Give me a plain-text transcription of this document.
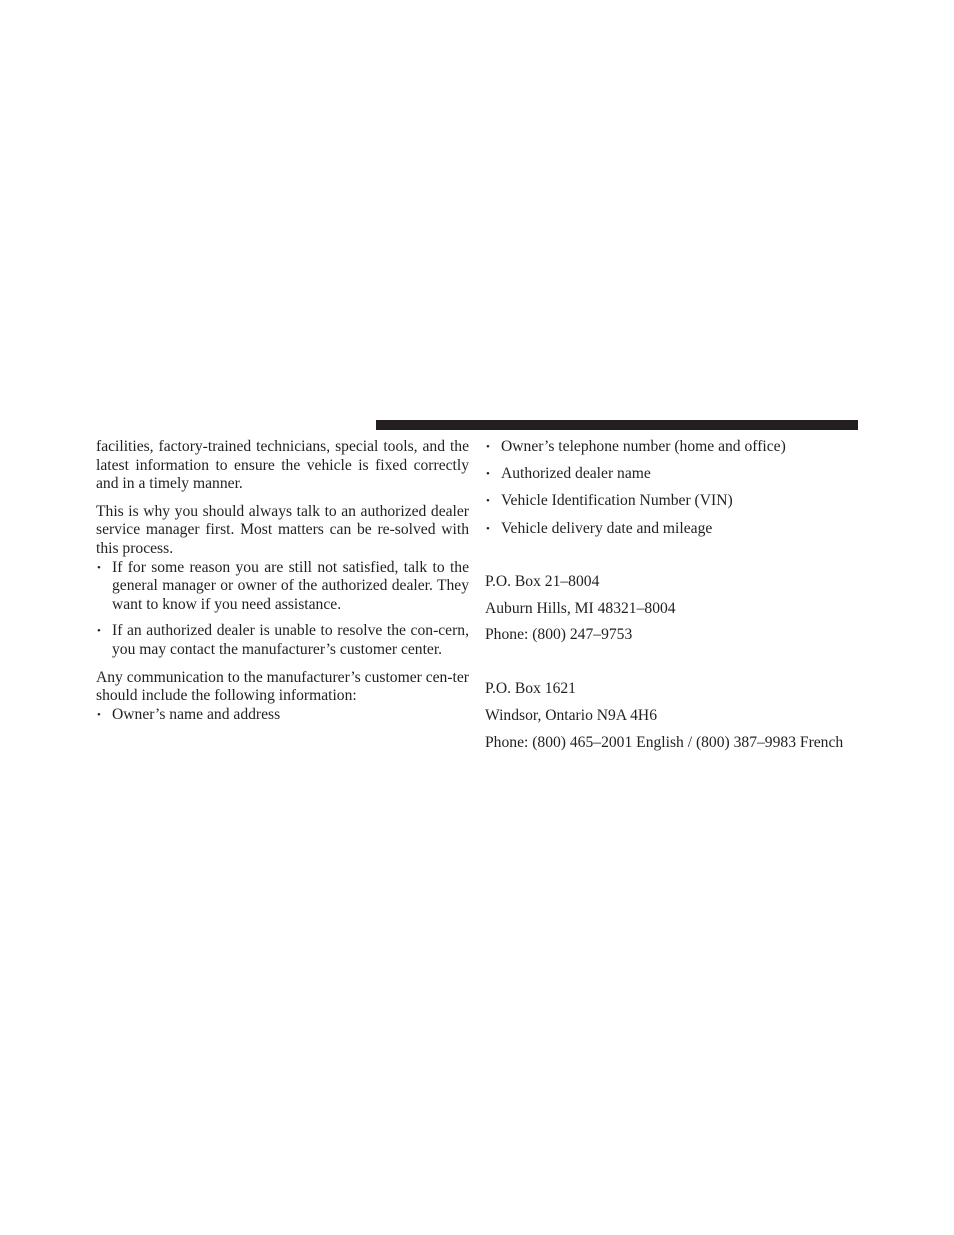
facilities, factory-trained technicians, special tools, and the latest information to ensure the vehicle is fixed correctly and in a timely manner.

This is why you should always talk to an authorized dealer service manager first. Most matters can be re-solved with this process.

• If for some reason you are still not satisfied, talk to the general manager or owner of the authorized dealer. They want to know if you need assistance.
• If an authorized dealer is unable to resolve the con-cern, you may contact the manufacturer’s customer center.

Any communication to the manufacturer’s customer cen-ter should include the following information:

• Owner’s name and address
• Owner’s telephone number (home and office)
• Authorized dealer name
• Vehicle Identification Number (VIN)
• Vehicle delivery date and mileage

P.O. Box 21–8004

Auburn Hills, MI 48321–8004

Phone: (800) 247–9753

P.O. Box 1621

Windsor, Ontario N9A 4H6

Phone: (800) 465–2001 English / (800) 387–9983 French
